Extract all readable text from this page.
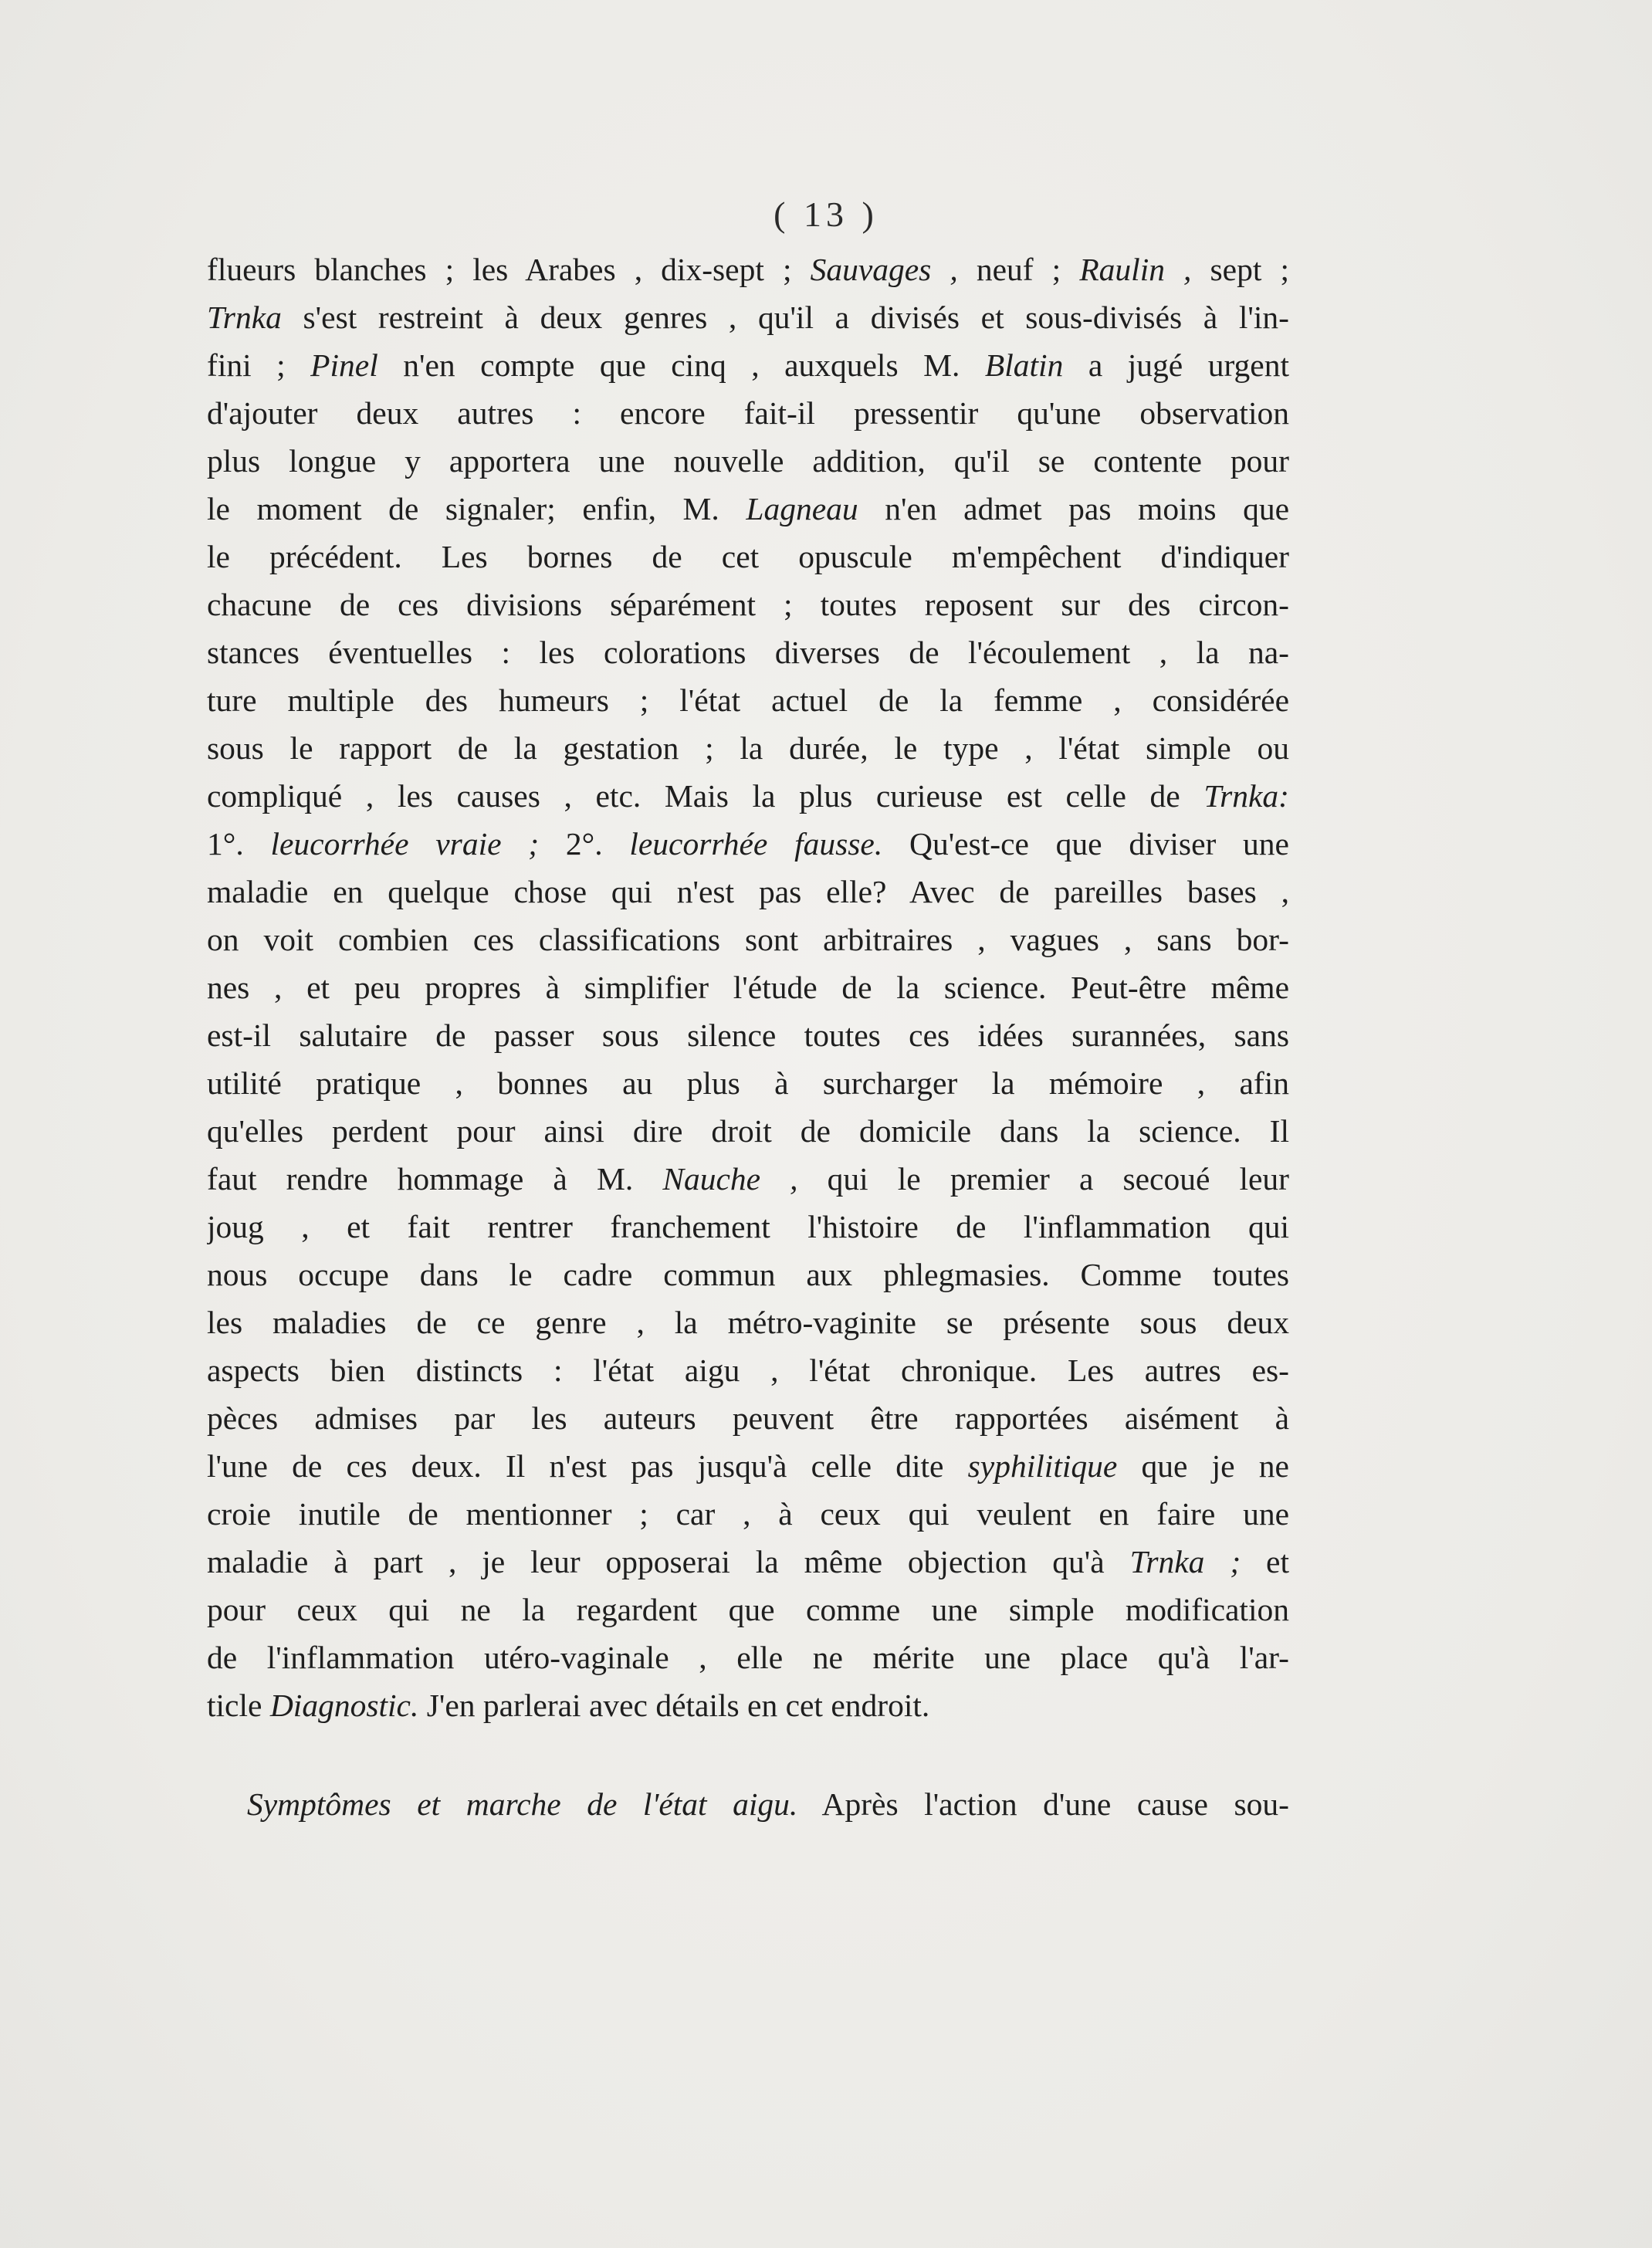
( 13 )
flueurs blanches ; les Arabes , dix-sept ; Sauvages , neuf ; Raulin , sept ;
Trnka s'est restreint à deux genres , qu'il a divisés et sous-divisés à l'in-
fini ; Pinel n'en compte que cinq , auxquels M. Blatin a jugé urgent
d'ajouter deux autres : encore fait-il pressentir qu'une observation
plus longue y apportera une nouvelle addition, qu'il se contente pour
le moment de signaler; enfin, M. Lagneau n'en admet pas moins que
le précédent. Les bornes de cet opuscule m'empêchent d'indiquer
chacune de ces divisions séparément ; toutes reposent sur des circon-
stances éventuelles : les colorations diverses de l'écoulement , la na-
ture multiple des humeurs ; l'état actuel de la femme , considérée
sous le rapport de la gestation ; la durée, le type , l'état simple ou
compliqué , les causes , etc. Mais la plus curieuse est celle de Trnka:
1°. leucorrhée vraie ; 2°. leucorrhée fausse. Qu'est-ce que diviser une
maladie en quelque chose qui n'est pas elle? Avec de pareilles bases ,
on voit combien ces classifications sont arbitraires , vagues , sans bor-
nes , et peu propres à simplifier l'étude de la science. Peut-être même
est-il salutaire de passer sous silence toutes ces idées surannées, sans
utilité pratique , bonnes au plus à surcharger la mémoire , afin
qu'elles perdent pour ainsi dire droit de domicile dans la science. Il
faut rendre hommage à M. Nauche , qui le premier a secoué leur
joug , et fait rentrer franchement l'histoire de l'inflammation qui
nous occupe dans le cadre commun aux phlegmasies. Comme toutes
les maladies de ce genre , la métro-vaginite se présente sous deux
aspects bien distincts : l'état aigu , l'état chronique. Les autres es-
pèces admises par les auteurs peuvent être rapportées aisément à
l'une de ces deux. Il n'est pas jusqu'à celle dite syphilitique que je ne
croie inutile de mentionner ; car , à ceux qui veulent en faire une
maladie à part , je leur opposerai la même objection qu'à Trnka ; et
pour ceux qui ne la regardent que comme une simple modification
de l'inflammation utéro-vaginale , elle ne mérite une place qu'à l'ar-
ticle Diagnostic. J'en parlerai avec détails en cet endroit.
Symptômes et marche de l'état aigu. Après l'action d'une cause sou-
